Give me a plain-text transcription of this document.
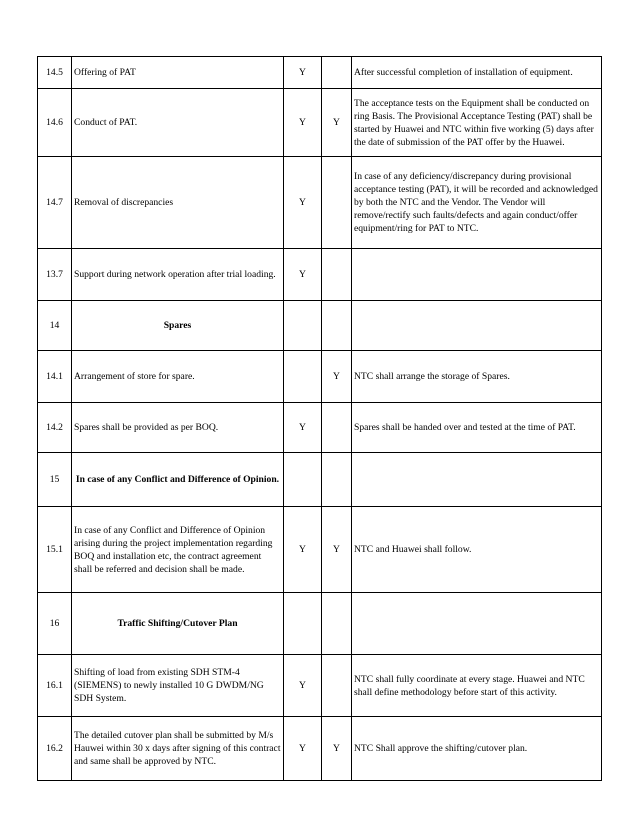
14.5	Offering of PAT	Y		After successful completion of installation of equipment.
14.6	Conduct of PAT.	Y	Y	The acceptance tests on the Equipment shall be conducted on ring Basis. The Provisional Acceptance Testing (PAT) shall be started by Huawei and NTC within five working (5) days after the date of submission of the PAT offer by the Huawei.
14.7	Removal of discrepancies	Y		In case of any deficiency/discrepancy during provisional acceptance testing (PAT), it will be recorded and acknowledged by both the NTC and the Vendor. The Vendor will remove/rectify such faults/defects and again conduct/offer equipment/ring for PAT to NTC.
13.7	Support during network operation after trial loading.	Y		
14	Spares			
14.1	Arrangement of store for spare.		Y	NTC shall arrange the storage of Spares.
14.2	Spares shall be provided as per BOQ.	Y		Spares shall be handed over and tested at the time of PAT.
15	In case of any Conflict and Difference of Opinion.			
15.1	In case of any Conflict and Difference of Opinion arising during the project implementation regarding BOQ and installation etc, the contract agreement shall be referred and decision shall be made.	Y	Y	NTC and Huawei shall follow.
16	Traffic Shifting/Cutover Plan			
16.1	Shifting of load from existing SDH STM-4 (SIEMENS) to newly installed 10 G DWDM/NG SDH System.	Y		NTC shall fully coordinate at every stage. Huawei and NTC shall define methodology before start of this activity.
16.2	The detailed cutover plan shall be submitted by M/s Hauwei within 30 x days after signing of this contract and same shall be approved by NTC.	Y	Y	NTC Shall approve the shifting/cutover plan.
